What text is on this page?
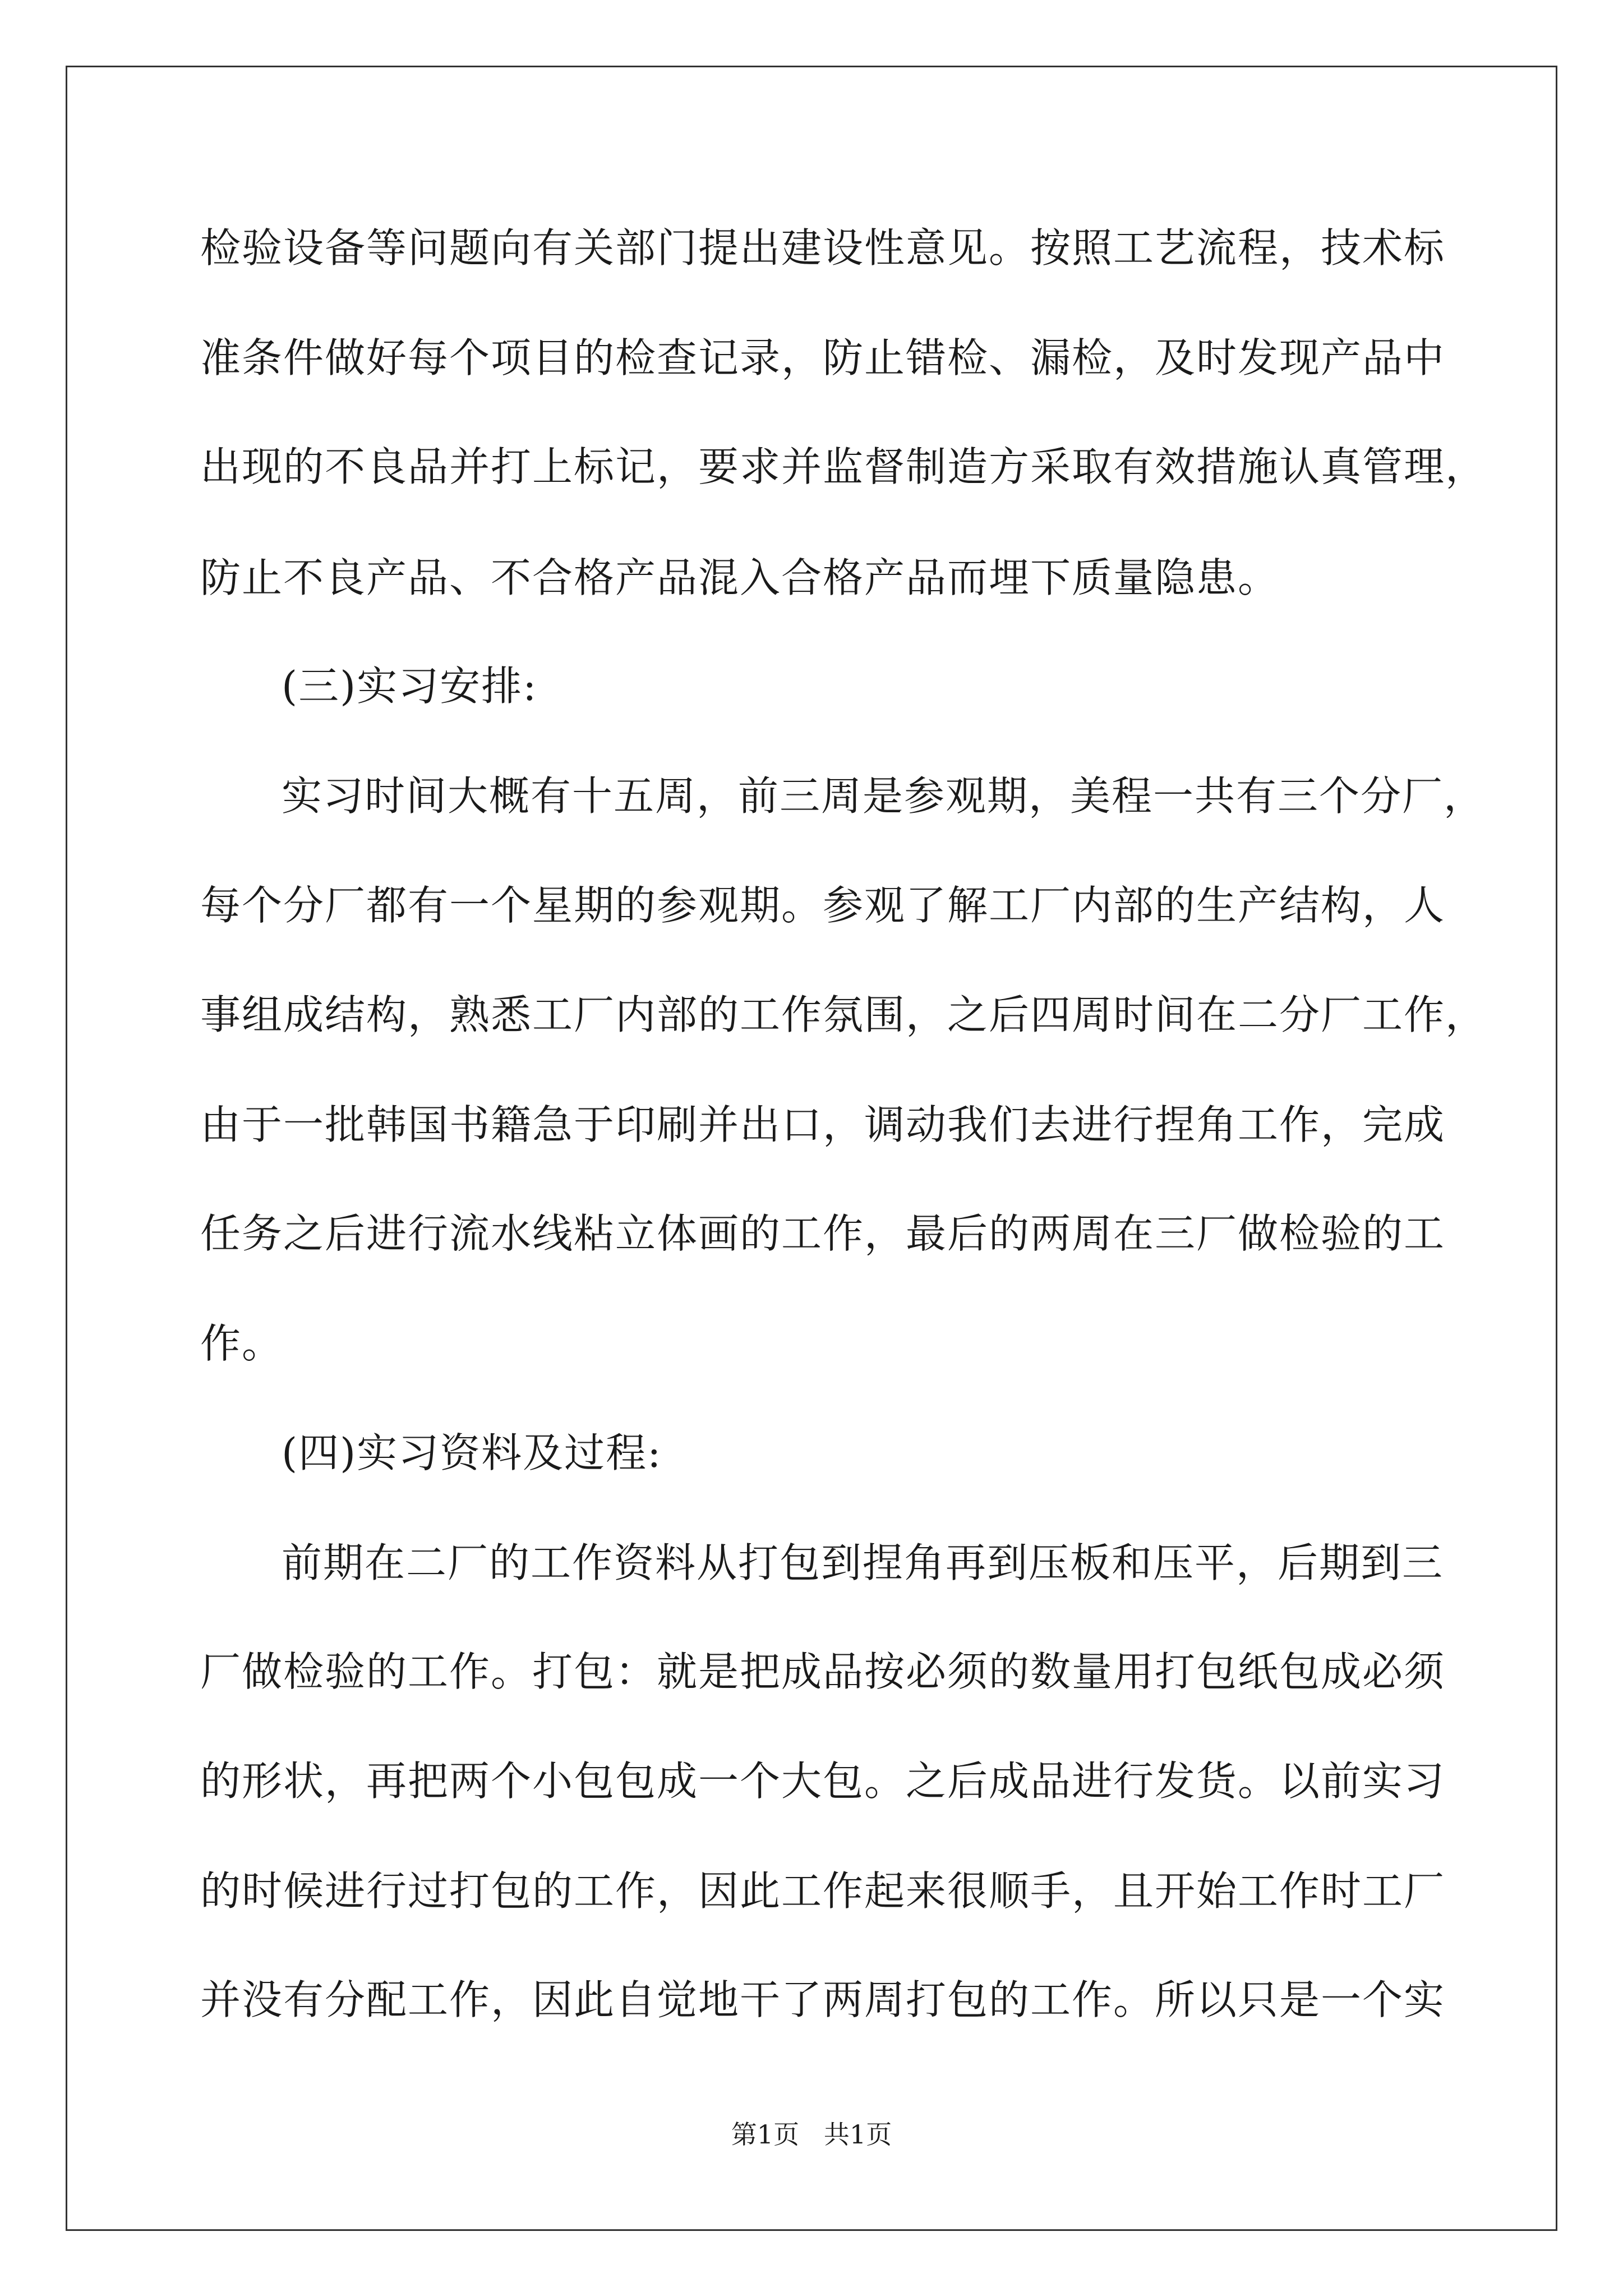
检验设备等问题向有关部门提出建设性意见。按照工艺流程，技术标
准条件做好每个项目的检查记录，防止错检、漏检，及时发现产品中
出现的不良品并打上标记，要求并监督制造方采取有效措施认真管理，
防止不良产品、不合格产品混入合格产品而埋下质量隐患。
(三)实习安排:
实习时间大概有十五周，前三周是参观期，美程一共有三个分厂，
每个分厂都有一个星期的参观期。参观了解工厂内部的生产结构，人
事组成结构，熟悉工厂内部的工作氛围，之后四周时间在二分厂工作，
由于一批韩国书籍急于印刷并出口，调动我们去进行捏角工作，完成
任务之后进行流水线粘立体画的工作，最后的两周在三厂做检验的工
作。
(四)实习资料及过程:
前期在二厂的工作资料从打包到捏角再到压板和压平，后期到三
厂做检验的工作。打包：就是把成品按必须的数量用打包纸包成必须
的形状，再把两个小包包成一个大包。之后成品进行发货。以前实习
的时候进行过打包的工作，因此工作起来很顺手，且开始工作时工厂
并没有分配工作，因此自觉地干了两周打包的工作。所以只是一个实
第1页   共1页
